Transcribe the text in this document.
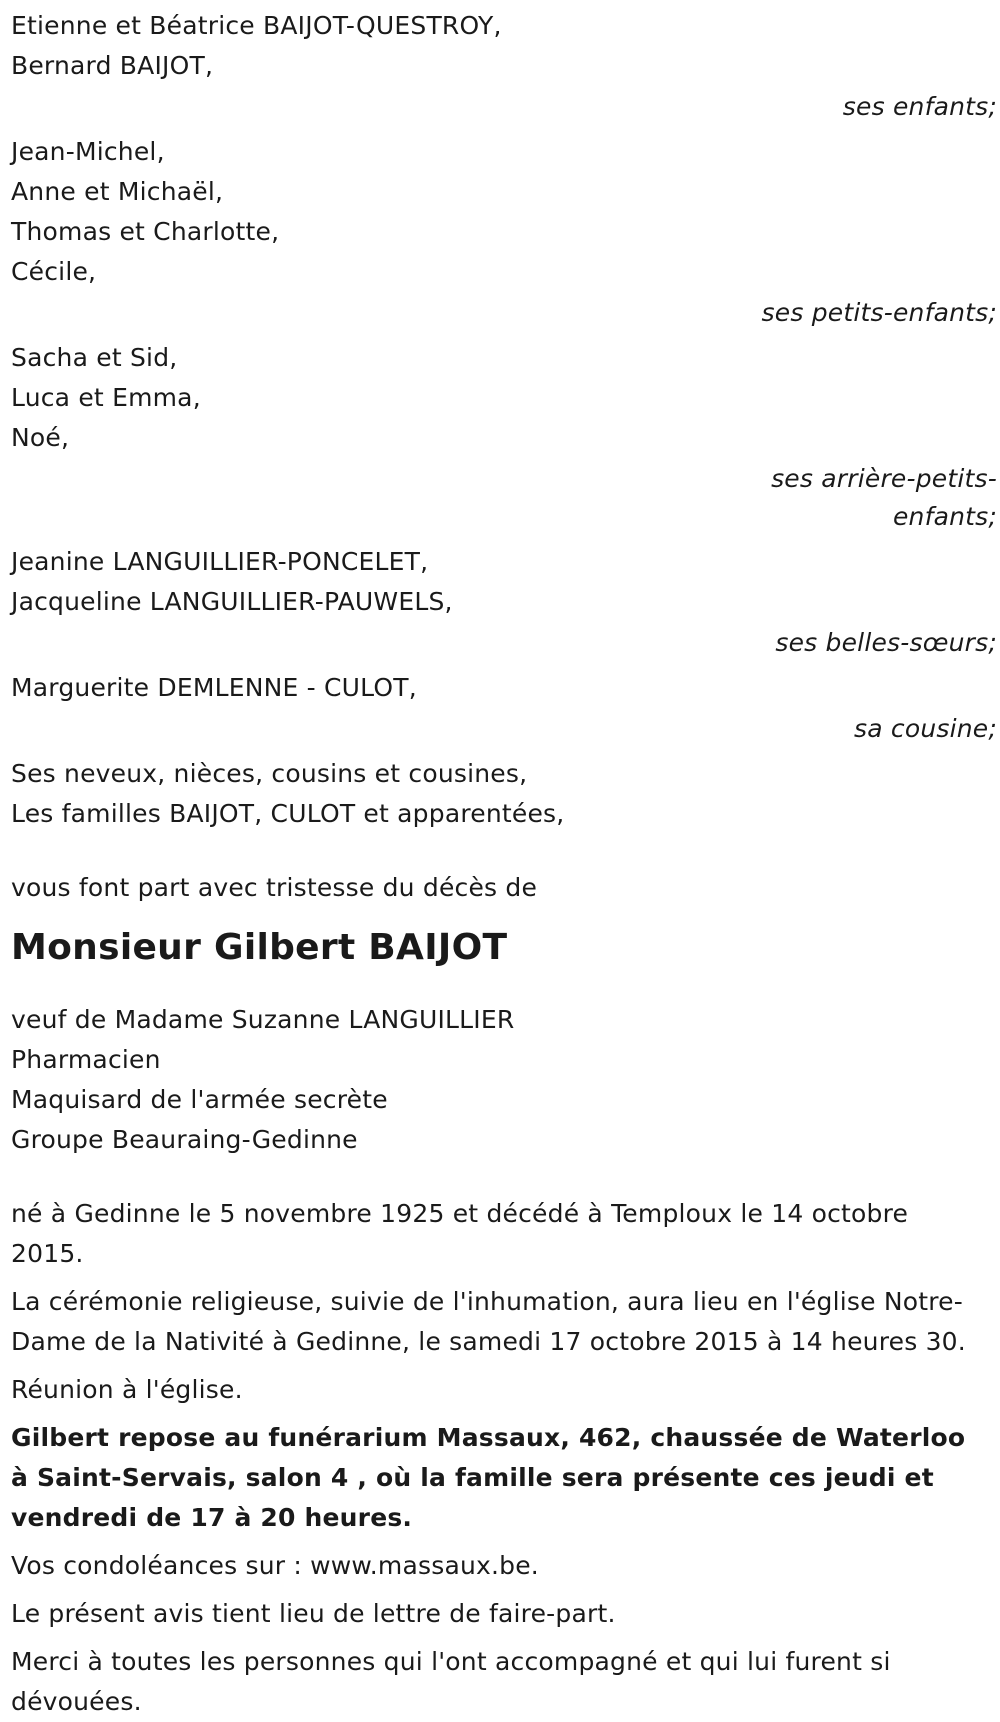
Etienne et Béatrice BAIJOT-QUESTROY,
Bernard BAIJOT,
ses enfants;
Jean-Michel,
Anne et Michaël,
Thomas et Charlotte,
Cécile,
ses petits-enfants;
Sacha et Sid,
Luca et Emma,
Noé,
ses arrière-petits-
enfants;
Jeanine LANGUILLIER-PONCELET,
Jacqueline LANGUILLIER-PAUWELS,
ses belles-sœurs;
Marguerite DEMLENNE - CULOT,
sa cousine;
Ses neveux, nièces, cousins et cousines,
Les familles BAIJOT, CULOT et apparentées,
vous font part avec tristesse du décès de
Monsieur Gilbert BAIJOT
veuf de Madame Suzanne LANGUILLIER
Pharmacien
Maquisard de l'armée secrète
Groupe Beauraing-Gedinne

né à Gedinne le 5 novembre 1925 et décédé à Temploux le 14 octobre 2015.

La cérémonie religieuse, suivie de l'inhumation, aura lieu en l'église Notre-Dame de la Nativité à Gedinne, le samedi 17 octobre 2015 à 14 heures 30.

Réunion à l'église.

Gilbert repose au funérarium Massaux, 462, chaussée de Waterloo à Saint-Servais, salon 4 , où la famille sera présente ces jeudi et vendredi de 17 à 20 heures.

Vos condoléances sur : www.massaux.be.

Le présent avis tient lieu de lettre de faire-part.

Merci à toutes les personnes qui l'ont accompagné et qui lui furent si dévouées.
